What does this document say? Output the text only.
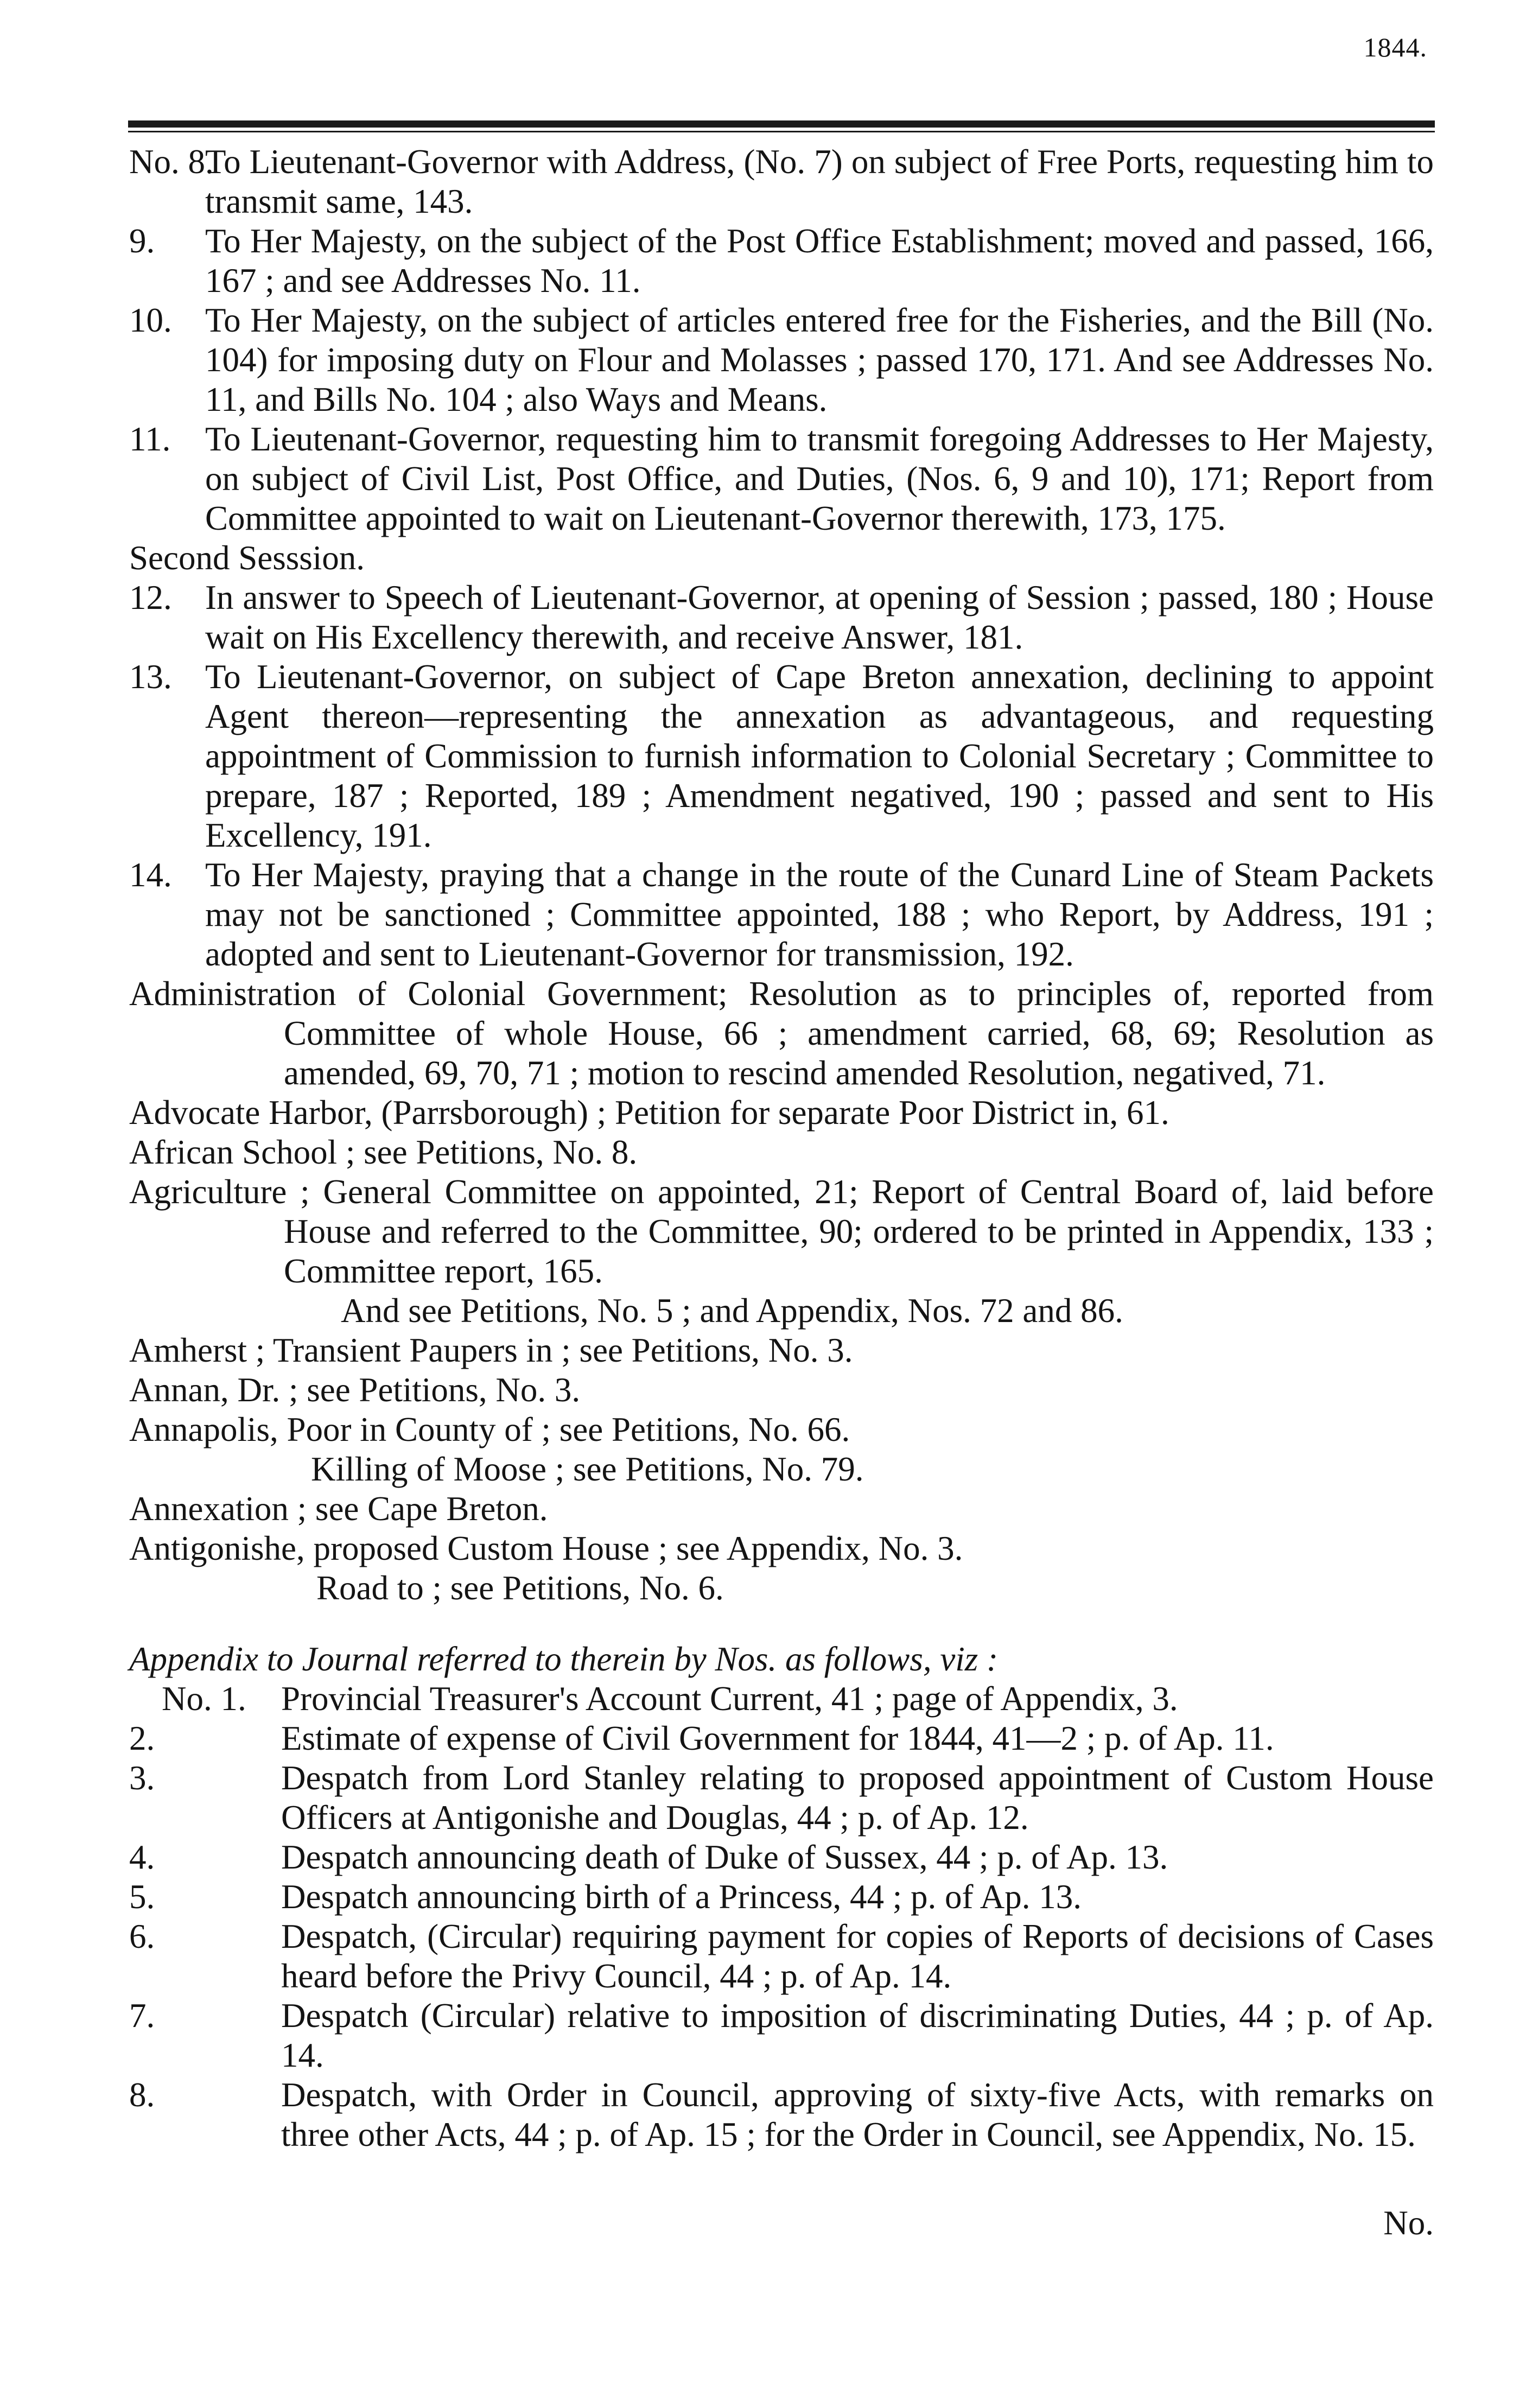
1844.
No. 8.To Lieutenant-Governor with Address, (No. 7) on subject of Free Ports, requesting him to transmit same, 143.
9. To Her Majesty, on the subject of the Post Office Establishment; moved and passed, 166, 167 ; and see Addresses No. 11.
10. To Her Majesty, on the subject of articles entered free for the Fisheries, and the Bill (No. 104) for imposing duty on Flour and Molasses ; passed 170, 171. And see Addresses No. 11, and Bills No. 104 ; also Ways and Means.
11. To Lieutenant-Governor, requesting him to transmit foregoing Addresses to Her Majesty, on subject of Civil List, Post Office, and Duties, (Nos. 6, 9 and 10), 171; Report from Committee appointed to wait on Lieutenant-Governor therewith, 173, 175.
Second Sesssion.
12. In answer to Speech of Lieutenant-Governor, at opening of Session ; passed, 180 ; House wait on His Excellency therewith, and receive Answer, 181.
13. To Lieutenant-Governor, on subject of Cape Breton annexation, declining to appoint Agent thereon—representing the annexation as advantageous, and requesting appointment of Commission to furnish information to Colonial Secretary ; Committee to prepare, 187 ; Reported, 189 ; Amendment negatived, 190 ; passed and sent to His Excellency, 191.
14. To Her Majesty, praying that a change in the route of the Cunard Line of Steam Packets may not be sanctioned ; Committee appointed, 188 ; who Report, by Address, 191 ; adopted and sent to Lieutenant-Governor for transmission, 192.
Administration of Colonial Government; Resolution as to principles of, reported from Committee of whole House, 66 ; amendment carried, 68, 69; Resolution as amended, 69, 70, 71 ; motion to rescind amended Resolution, negatived, 71.
Advocate Harbor, (Parrsborough) ; Petition for separate Poor District in, 61.
African School ; see Petitions, No. 8.
Agriculture ; General Committee on appointed, 21; Report of Central Board of, laid before House and referred to the Committee, 90; ordered to be printed in Appendix, 133 ; Committee report, 165.
And see Petitions, No. 5 ; and Appendix, Nos. 72 and 86.
Amherst ; Transient Paupers in ; see Petitions, No. 3.
Annan, Dr. ; see Petitions, No. 3.
Annapolis, Poor in County of ; see Petitions, No. 66.
Killing of Moose ; see Petitions, No. 79.
Annexation ; see Cape Breton.
Antigonishe, proposed Custom House ; see Appendix, No. 3.
Road to ; see Petitions, No. 6.
Appendix to Journal referred to therein by Nos. as follows, viz :
No. 1. Provincial Treasurer's Account Current, 41 ; page of Appendix, 3.
2.	Estimate of expense of Civil Government for 1844, 41—2 ; p. of Ap. 11.
3.	Despatch from Lord Stanley relating to proposed appointment of Custom House Officers at Antigonishe and Douglas, 44 ; p. of Ap. 12.
4.	Despatch announcing death of Duke of Sussex, 44 ; p. of Ap. 13.
5.	Despatch announcing birth of a Princess, 44 ; p. of Ap. 13.
6.	Despatch, (Circular) requiring payment for copies of Reports of decisions of Cases heard before the Privy Council, 44 ; p. of Ap. 14.
7.	Despatch (Circular) relative to imposition of discriminating Duties, 44 ; p. of Ap. 14.
8.	Despatch, with Order in Council, approving of sixty-five Acts, with remarks on three other Acts, 44 ; p. of Ap. 15 ; for the Order in Council, see Appendix, No. 15.
No.
